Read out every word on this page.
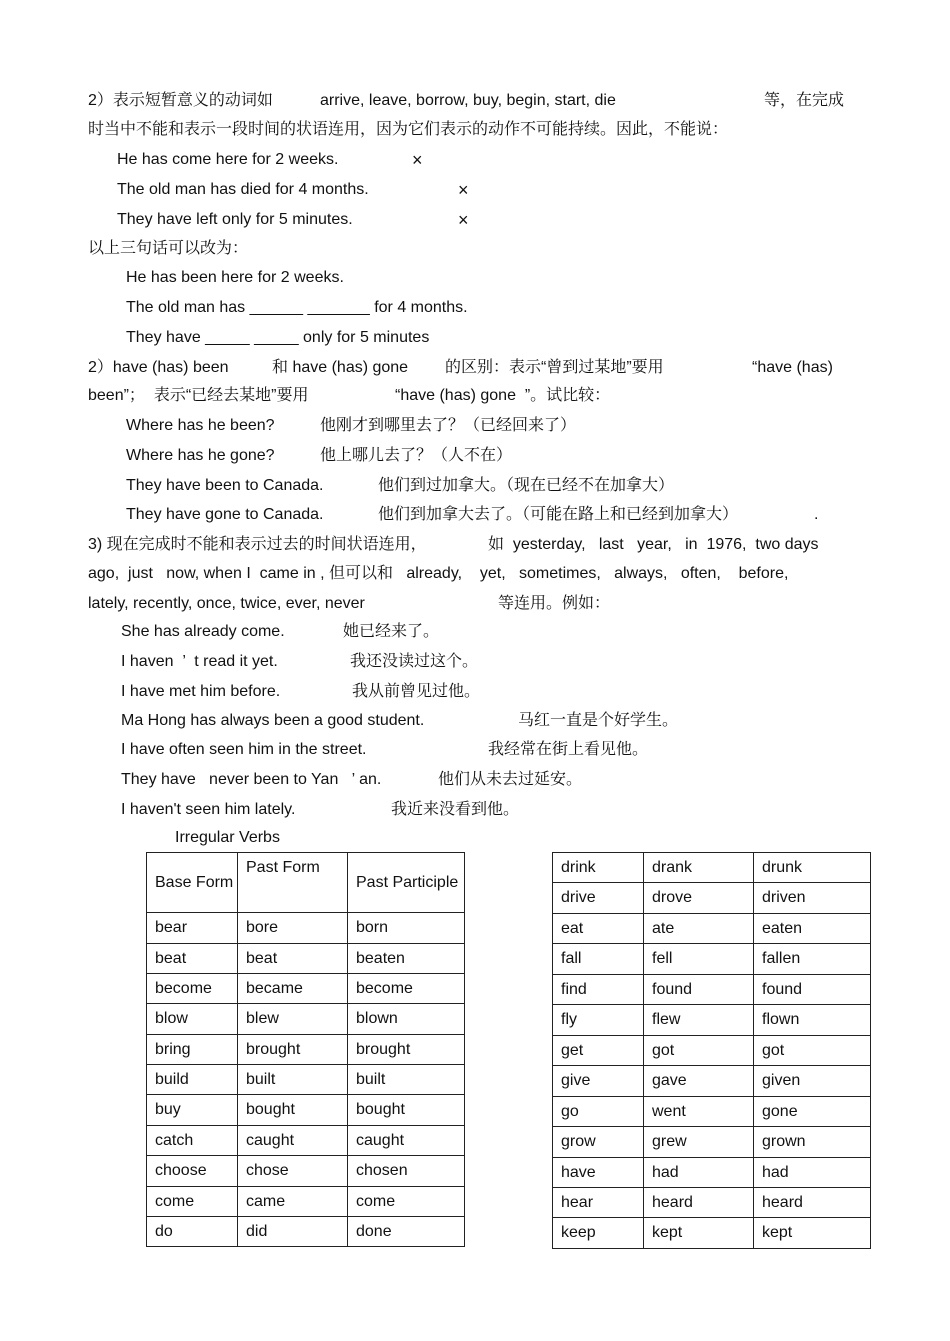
2）表示短暂意义的动词如	arrive, leave, borrow, buy, begin, start, die	等，在完成
时当中不能和表示一段时间的状语连用，因为它们表示的动作不可能持续。因此，不能说：
He has come here for 2 weeks.	×
The old man has died for 4 months.	×
They have left only for 5 minutes.	×
以上三句话可以改为：
He has been here for 2 weeks.
The old man has ______ _______ for 4 months.
They have _____ _____ only for 5 minutes
2）have (has) been	和 have (has) gone 的区别：表示“曾到过某地”要用	“have (has)
been”；  表示“已经去某地”要用	“have (has) gone  ”。试比较：
Where has he been?	他刚才到哪里去了？（已经回来了）
Where has he gone?	他上哪儿去了？（人不在）
They have been to Canada.	他们到过加拿大。（现在已经不在加拿大）
They have gone to Canada.	他们到加拿大去了。（可能在路上和已经到加拿大）	.
3) 现在完成时不能和表示过去的时间状语连用，	如  yesterday,   last   year,   in  1976,  two days
ago,  just   now, when I  came in , 但可以和   already,    yet,   sometimes,   always,   often,    before,
lately, recently, once, twice, ever, never	等连用。例如：
She has already come.	她已经来了。
I haven  ’  t read it yet.	我还没读过这个。
I have met him before.	我从前曾见过他。
Ma Hong has always been a good student.	马红一直是个好学生。
I have often seen him in the street.	我经常在街上看见他。
They have   never been to Yan   ’ an.	他们从未去过延安。
I haven't seen him lately.	我近来没看到他。
Irregular Verbs
Base Form	Past Form	Past Participle

bear	bore	born
beat	beat	beaten
become	became	become
blow	blew	blown
bring	brought	brought
build	built	built
buy	bought	bought
catch	caught	caught
choose	chose	chosen
come	came	come
do	did	done
drink	drank	drunk
drive	drove	driven
eat	ate	eaten
fall	fell	fallen
find	found	found
fly	flew	flown
get	got	got
give	gave	given
go	went	gone
grow	grew	grown
have	had	had
hear	heard	heard
keep	kept	kept
